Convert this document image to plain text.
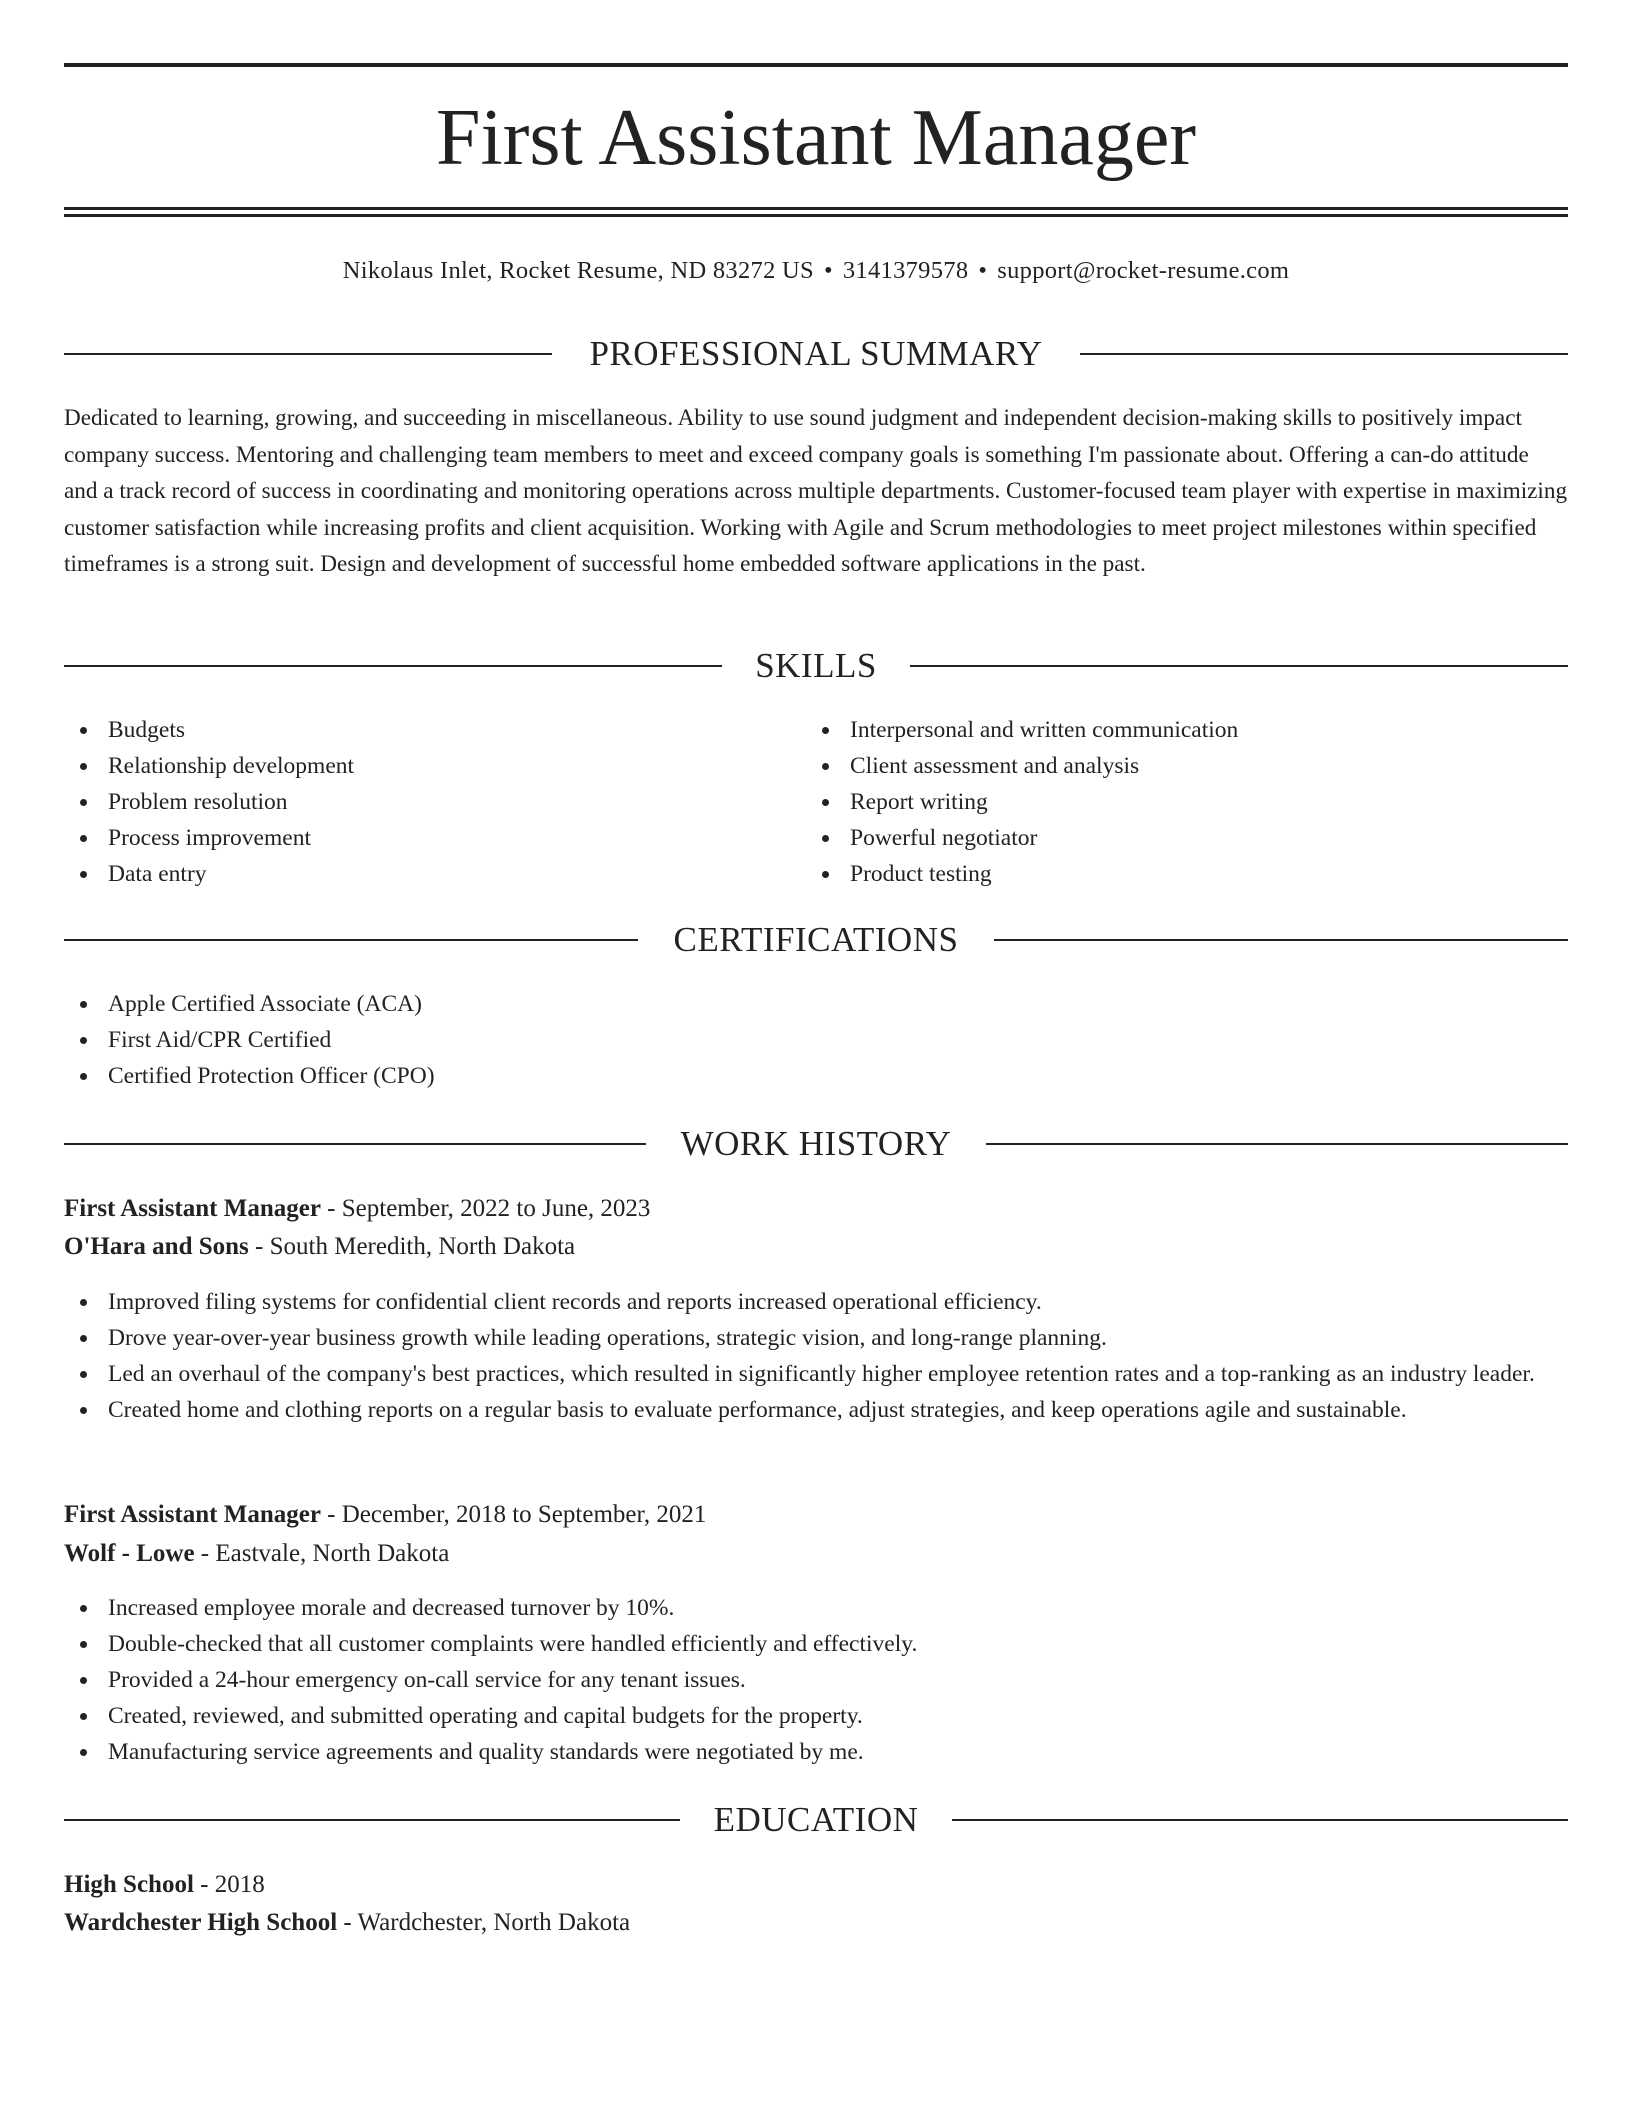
First Assistant Manager
Nikolaus Inlet, Rocket Resume, ND 83272 US • 3141379578 • support@rocket-resume.com
PROFESSIONAL SUMMARY
Dedicated to learning, growing, and succeeding in miscellaneous. Ability to use sound judgment and independent decision-making skills to positively impact company success. Mentoring and challenging team members to meet and exceed company goals is something I'm passionate about. Offering a can-do attitude and a track record of success in coordinating and monitoring operations across multiple departments. Customer-focused team player with expertise in maximizing customer satisfaction while increasing profits and client acquisition. Working with Agile and Scrum methodologies to meet project milestones within specified timeframes is a strong suit. Design and development of successful home embedded software applications in the past.
SKILLS
Budgets
Relationship development
Problem resolution
Process improvement
Data entry
Interpersonal and written communication
Client assessment and analysis
Report writing
Powerful negotiator
Product testing
CERTIFICATIONS
Apple Certified Associate (ACA)
First Aid/CPR Certified
Certified Protection Officer (CPO)
WORK HISTORY
First Assistant Manager - September, 2022 to June, 2023
O'Hara and Sons - South Meredith, North Dakota
Improved filing systems for confidential client records and reports increased operational efficiency.
Drove year-over-year business growth while leading operations, strategic vision, and long-range planning.
Led an overhaul of the company's best practices, which resulted in significantly higher employee retention rates and a top-ranking as an industry leader.
Created home and clothing reports on a regular basis to evaluate performance, adjust strategies, and keep operations agile and sustainable.
First Assistant Manager - December, 2018 to September, 2021
Wolf - Lowe - Eastvale, North Dakota
Increased employee morale and decreased turnover by 10%.
Double-checked that all customer complaints were handled efficiently and effectively.
Provided a 24-hour emergency on-call service for any tenant issues.
Created, reviewed, and submitted operating and capital budgets for the property.
Manufacturing service agreements and quality standards were negotiated by me.
EDUCATION
High School - 2018
Wardchester High School - Wardchester, North Dakota
